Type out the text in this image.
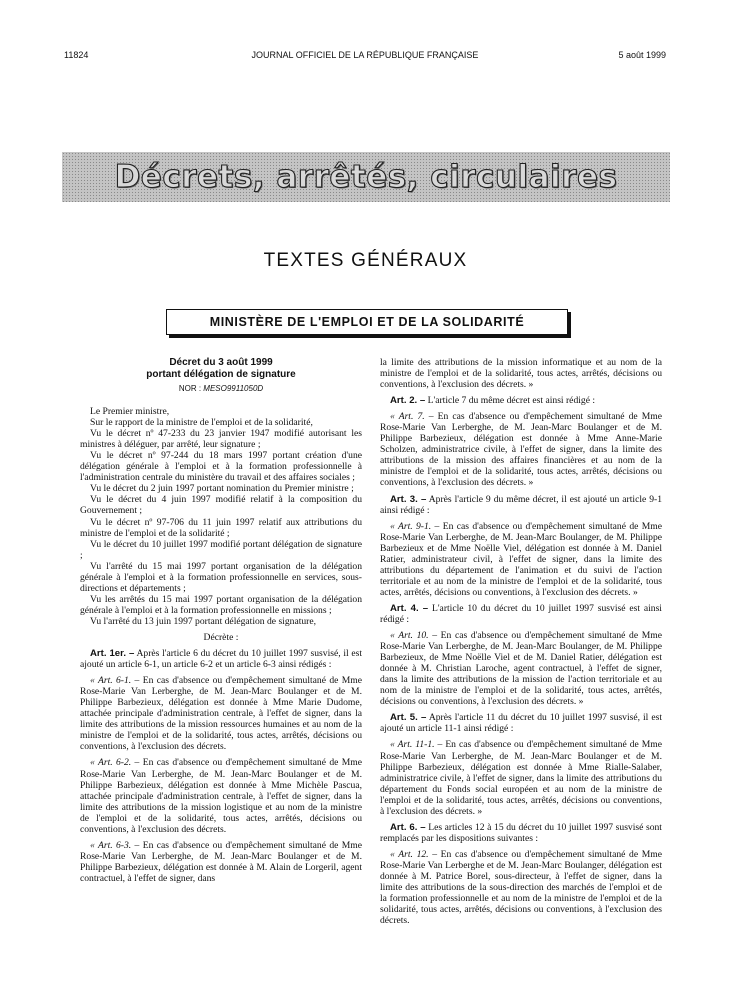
11824	JOURNAL OFFICIEL DE LA RÉPUBLIQUE FRANÇAISE	5 août 1999
Décrets, arrêtés, circulaires
TEXTES GÉNÉRAUX
MINISTÈRE DE L'EMPLOI ET DE LA SOLIDARITÉ
Décret du 3 août 1999
portant délégation de signature
NOR : MESO9911050D

Le Premier ministre,

Sur le rapport de la ministre de l'emploi et de la solidarité,

Vu le décret nº 47-233 du 23 janvier 1947 modifié autorisant les ministres à déléguer, par arrêté, leur signature ;

Vu le décret nº 97-244 du 18 mars 1997 portant création d'une délégation générale à l'emploi et à la formation professionnelle à l'administration centrale du ministère du travail et des affaires sociales ;

Vu le décret du 2 juin 1997 portant nomination du Premier ministre ;

Vu le décret du 4 juin 1997 modifié relatif à la composition du Gouvernement ;

Vu le décret nº 97-706 du 11 juin 1997 relatif aux attributions du ministre de l'emploi et de la solidarité ;

Vu le décret du 10 juillet 1997 modifié portant délégation de signature ;

Vu l'arrêté du 15 mai 1997 portant organisation de la délégation générale à l'emploi et à la formation professionnelle en services, sous-directions et départements ;

Vu les arrêtés du 15 mai 1997 portant organisation de la délégation générale à l'emploi et à la formation professionnelle en missions ;

Vu l'arrêté du 13 juin 1997 portant délégation de signature,

Décrète :

Art. 1er. – Après l'article 6 du décret du 10 juillet 1997 susvisé, il est ajouté un article 6-1, un article 6-2 et un article 6-3 ainsi rédigés :

« Art. 6-1. – En cas d'absence ou d'empêchement simultané de Mme Rose-Marie Van Lerberghe, de M. Jean-Marc Boulanger et de M. Philippe Barbezieux, délégation est donnée à Mme Marie Dudome, attachée principale d'administration centrale, à l'effet de signer, dans la limite des attributions de la mission ressources humaines et au nom de la ministre de l'emploi et de la solidarité, tous actes, arrêtés, décisions ou conventions, à l'exclusion des décrets.

« Art. 6-2. – En cas d'absence ou d'empêchement simultané de Mme Rose-Marie Van Lerberghe, de M. Jean-Marc Boulanger et de M. Philippe Barbezieux, délégation est donnée à Mme Michèle Pascua, attachée principale d'administration centrale, à l'effet de signer, dans la limite des attributions de la mission logistique et au nom de la ministre de l'emploi et de la solidarité, tous actes, arrêtés, décisions ou conventions, à l'exclusion des décrets.

« Art. 6-3. – En cas d'absence ou d'empêchement simultané de Mme Rose-Marie Van Lerberghe, de M. Jean-Marc Boulanger et de M. Philippe Barbezieux, délégation est donnée à M. Alain de Lorgeril, agent contractuel, à l'effet de signer, dans

la limite des attributions de la mission informatique et au nom de la ministre de l'emploi et de la solidarité, tous actes, arrêtés, décisions ou conventions, à l'exclusion des décrets. »

Art. 2. – L'article 7 du même décret est ainsi rédigé :

« Art. 7. – En cas d'absence ou d'empêchement simultané de Mme Rose-Marie Van Lerberghe, de M. Jean-Marc Boulanger et de M. Philippe Barbezieux, délégation est donnée à Mme Anne-Marie Scholzen, administratrice civile, à l'effet de signer, dans la limite des attributions de la mission des affaires financières et au nom de la ministre de l'emploi et de la solidarité, tous actes, arrêtés, décisions ou conventions, à l'exclusion des décrets. »

Art. 3. – Après l'article 9 du même décret, il est ajouté un article 9-1 ainsi rédigé :

« Art. 9-1. – En cas d'absence ou d'empêchement simultané de Mme Rose-Marie Van Lerberghe, de M. Jean-Marc Boulanger, de M. Philippe Barbezieux et de Mme Noëlle Viel, délégation est donnée à M. Daniel Ratier, administrateur civil, à l'effet de signer, dans la limite des attributions du département de l'animation et du suivi de l'action territoriale et au nom de la ministre de l'emploi et de la solidarité, tous actes, arrêtés, décisions ou conventions, à l'exclusion des décrets. »

Art. 4. – L'article 10 du décret du 10 juillet 1997 susvisé est ainsi rédigé :

« Art. 10. – En cas d'absence ou d'empêchement simultané de Mme Rose-Marie Van Lerberghe, de M. Jean-Marc Boulanger, de M. Philippe Barbezieux, de Mme Noëlle Viel et de M. Daniel Ratier, délégation est donnée à M. Christian Laroche, agent contractuel, à l'effet de signer, dans la limite des attributions de la mission de l'action territoriale et au nom de la ministre de l'emploi et de la solidarité, tous actes, arrêtés, décisions ou conventions, à l'exclusion des décrets. »

Art. 5. – Après l'article 11 du décret du 10 juillet 1997 susvisé, il est ajouté un article 11-1 ainsi rédigé :

« Art. 11-1. – En cas d'absence ou d'empêchement simultané de Mme Rose-Marie Van Lerberghe, de M. Jean-Marc Boulanger et de M. Philippe Barbezieux, délégation est donnée à Mme Rialle-Salaber, administratrice civile, à l'effet de signer, dans la limite des attributions du département du Fonds social européen et au nom de la ministre de l'emploi et de la solidarité, tous actes, arrêtés, décisions ou conventions, à l'exclusion des décrets. »

Art. 6. – Les articles 12 à 15 du décret du 10 juillet 1997 susvisé sont remplacés par les dispositions suivantes :

« Art. 12. – En cas d'absence ou d'empêchement simultané de Mme Rose-Marie Van Lerberghe et de M. Jean-Marc Boulanger, délégation est donnée à M. Patrice Borel, sous-directeur, à l'effet de signer, dans la limite des attributions de la sous-direction des marchés de l'emploi et de la formation professionnelle et au nom de la ministre de l'emploi et de la solidarité, tous actes, arrêtés, décisions ou conventions, à l'exclusion des décrets.
